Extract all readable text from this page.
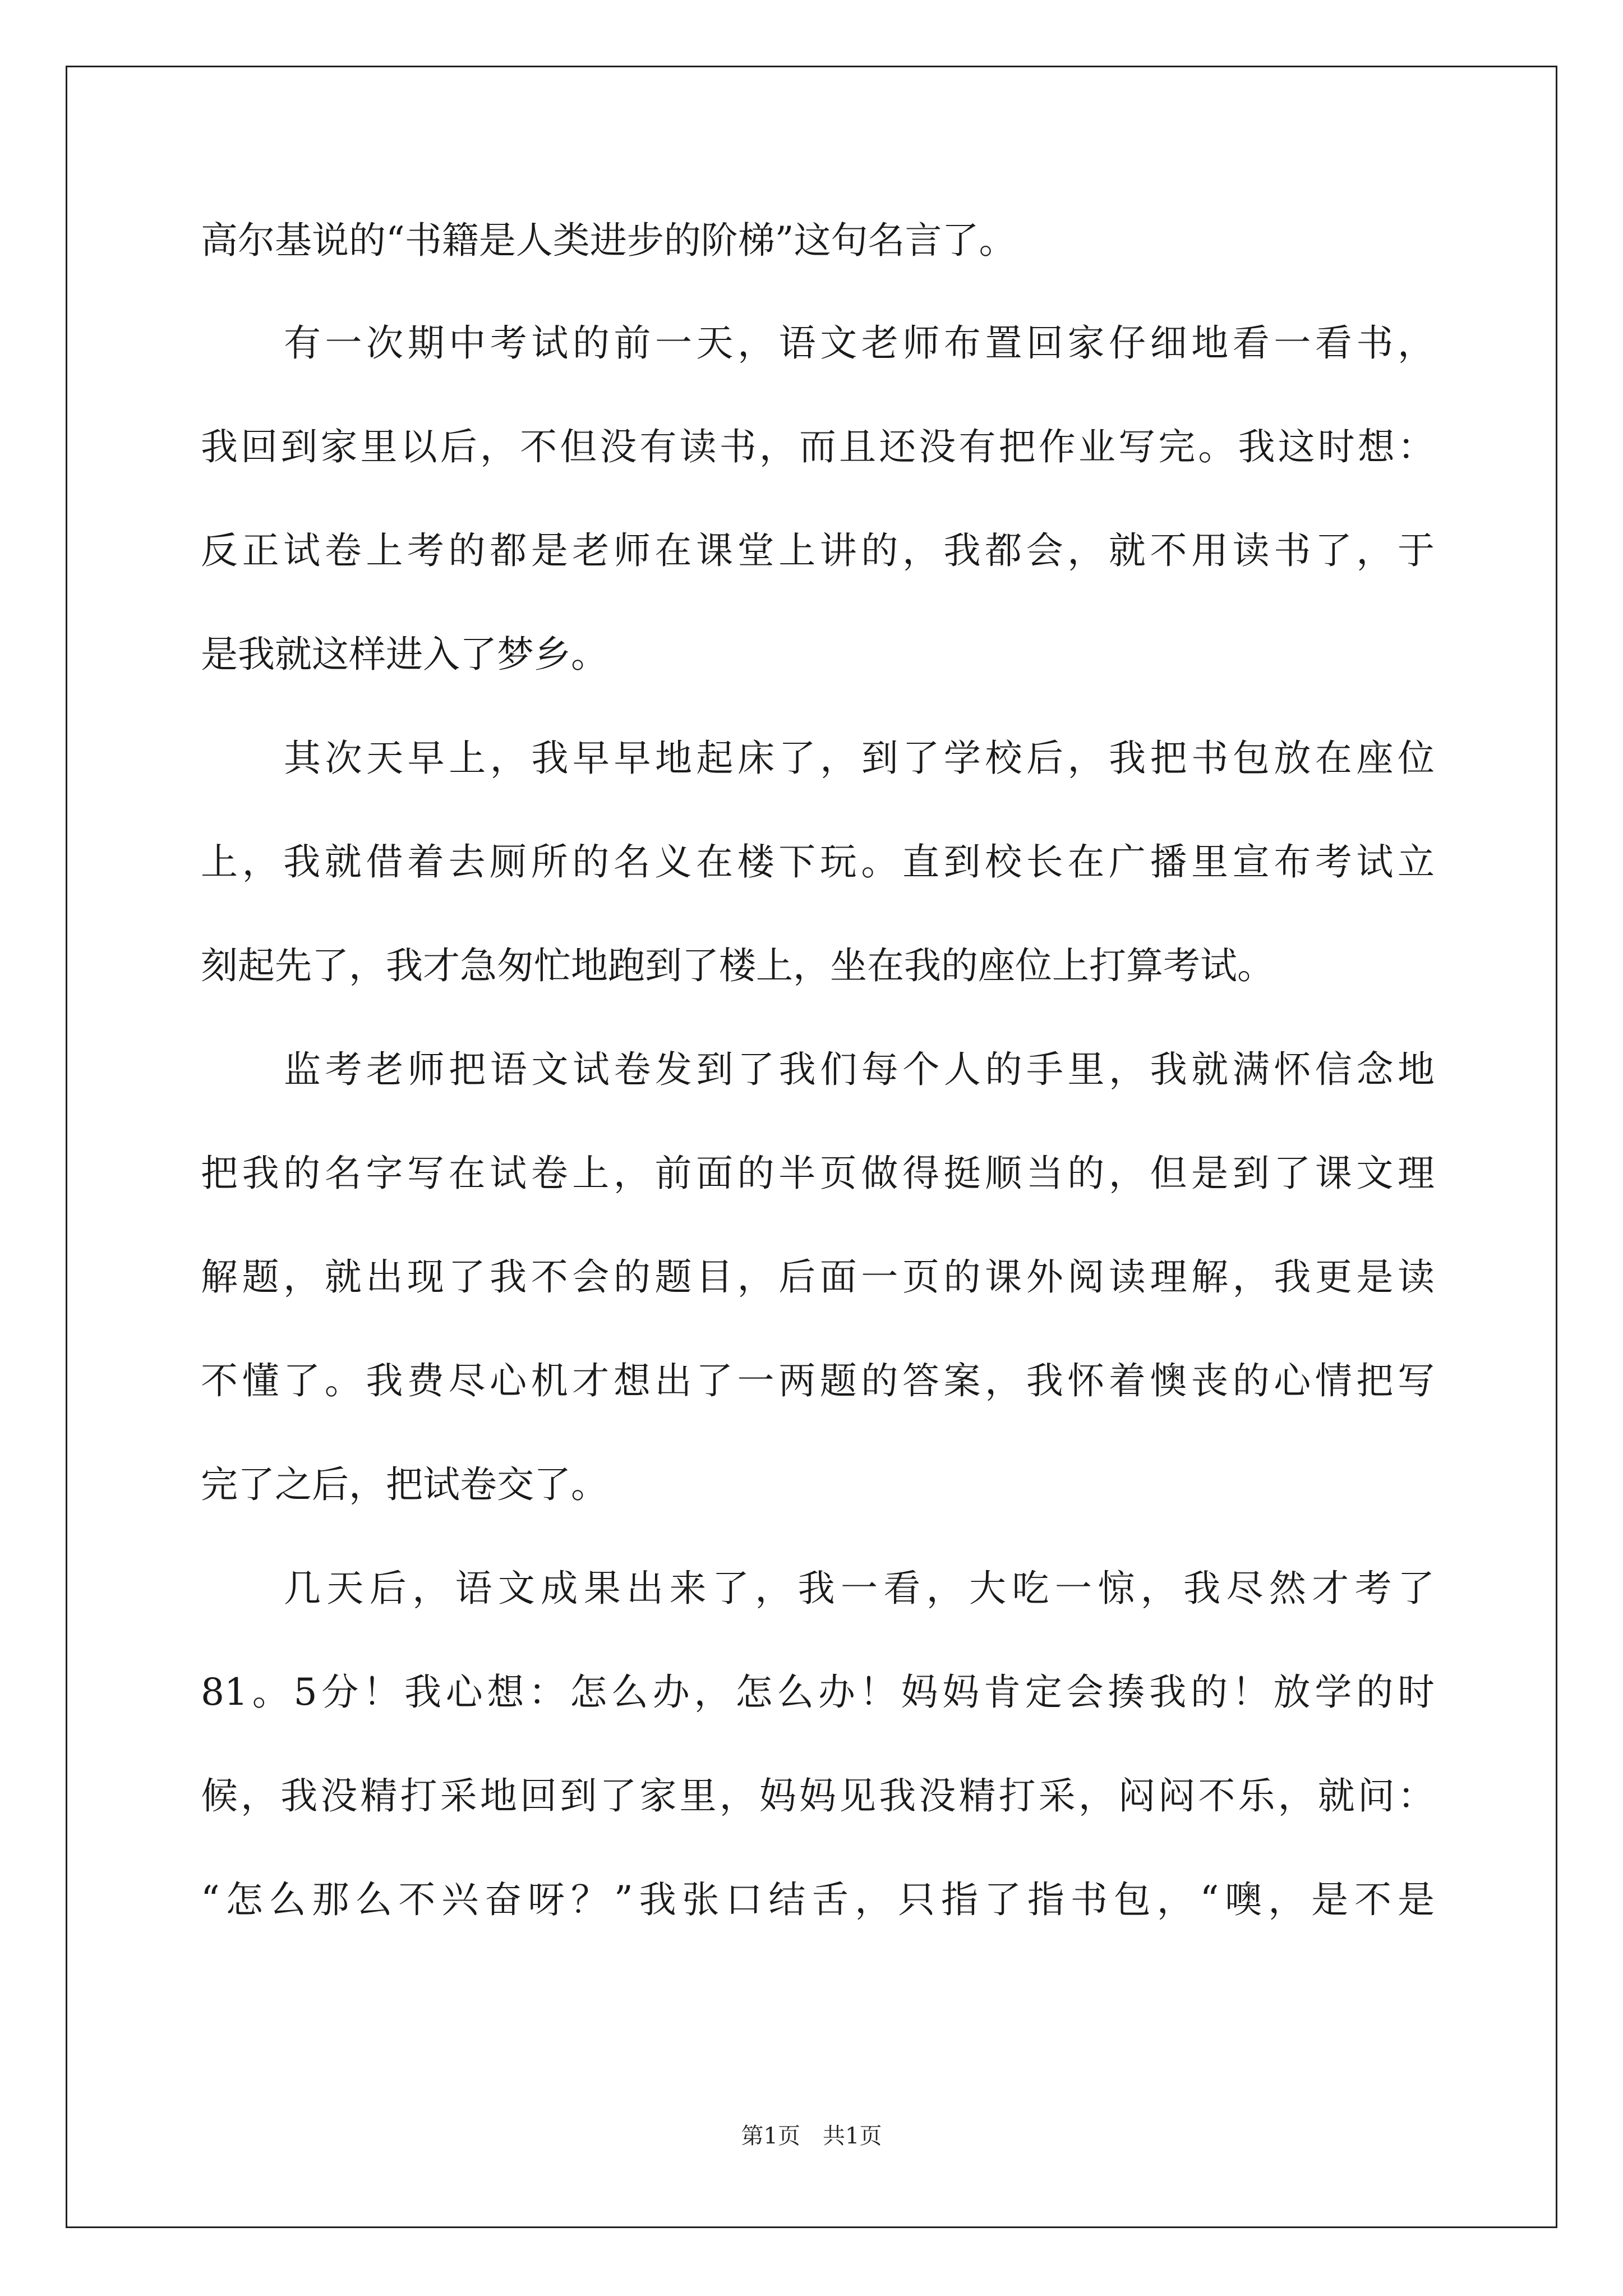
高尔基说的“书籍是人类进步的阶梯”这句名言了。
有一次期中考试的前一天，语文老师布置回家仔细地看一看书，
我回到家里以后，不但没有读书，而且还没有把作业写完。我这时想：
反正试卷上考的都是老师在课堂上讲的，我都会，就不用读书了，于
是我就这样进入了梦乡。
其次天早上，我早早地起床了，到了学校后，我把书包放在座位
上，我就借着去厕所的名义在楼下玩。直到校长在广播里宣布考试立
刻起先了，我才急匆忙地跑到了楼上，坐在我的座位上打算考试。
监考老师把语文试卷发到了我们每个人的手里，我就满怀信念地
把我的名字写在试卷上，前面的半页做得挺顺当的，但是到了课文理
解题，就出现了我不会的题目，后面一页的课外阅读理解，我更是读
不懂了。我费尽心机才想出了一两题的答案，我怀着懊丧的心情把写
完了之后，把试卷交了。
几天后，语文成果出来了，我一看，大吃一惊，我尽然才考了
81。5分！我心想：怎么办，怎么办！妈妈肯定会揍我的！放学的时
候，我没精打采地回到了家里，妈妈见我没精打采，闷闷不乐，就问：
“怎么那么不兴奋呀？”我张口结舌，只指了指书包，“噢，是不是
第1页　共1页
